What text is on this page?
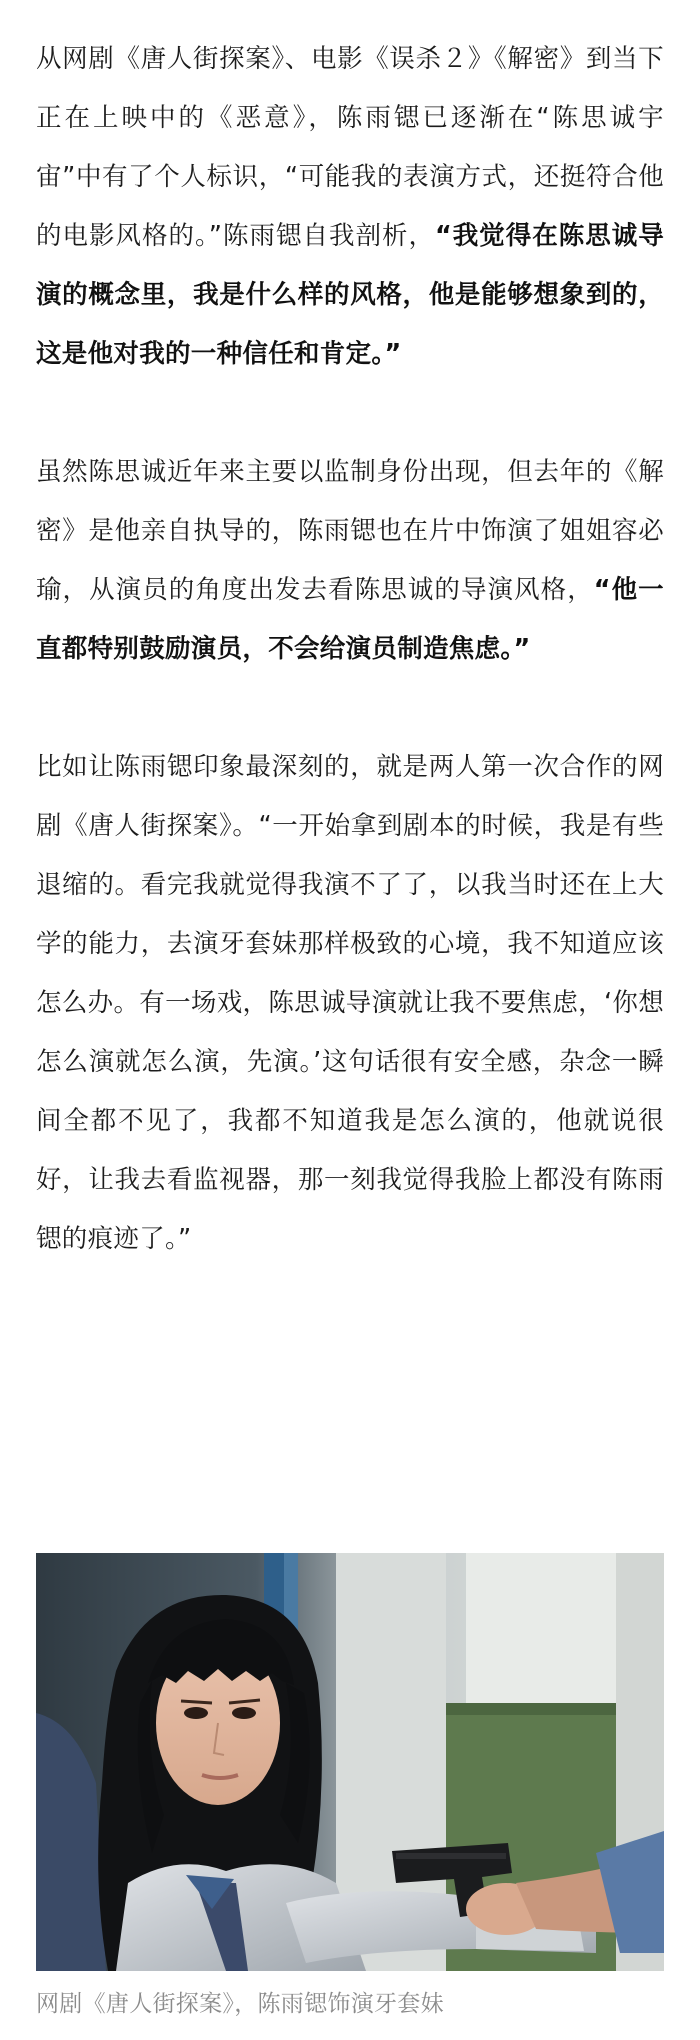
从网剧《唐人街探案》、电影《误杀２》《解密》到当下正在上映中的《恶意》，陈雨锶已逐渐在“陈思诚宇宙”中有了个人标识，“可能我的表演方式，还挺符合他的电影风格的。”陈雨锶自我剖析，“我觉得在陈思诚导演的概念里，我是什么样的风格，他是能够想象到的，这是他对我的一种信任和肯定。”

虽然陈思诚近年来主要以监制身份出现，但去年的《解密》是他亲自执导的，陈雨锶也在片中饰演了姐姐容必瑜，从演员的角度出发去看陈思诚的导演风格，“他一直都特别鼓励演员，不会给演员制造焦虑。”

比如让陈雨锶印象最深刻的，就是两人第一次合作的网剧《唐人街探案》。“一开始拿到剧本的时候，我是有些退缩的。看完我就觉得我演不了了，以我当时还在上大学的能力，去演牙套妹那样极致的心境，我不知道应该怎么办。有一场戏，陈思诚导演就让我不要焦虑，‘你想怎么演就怎么演，先演。’这句话很有安全感，杂念一瞬间全都不见了，我都不知道我是怎么演的，他就说很好，让我去看监视器，那一刻我觉得我脸上都没有陈雨锶的痕迹了。”

网剧《唐人街探案》，陈雨锶饰演牙套妹
